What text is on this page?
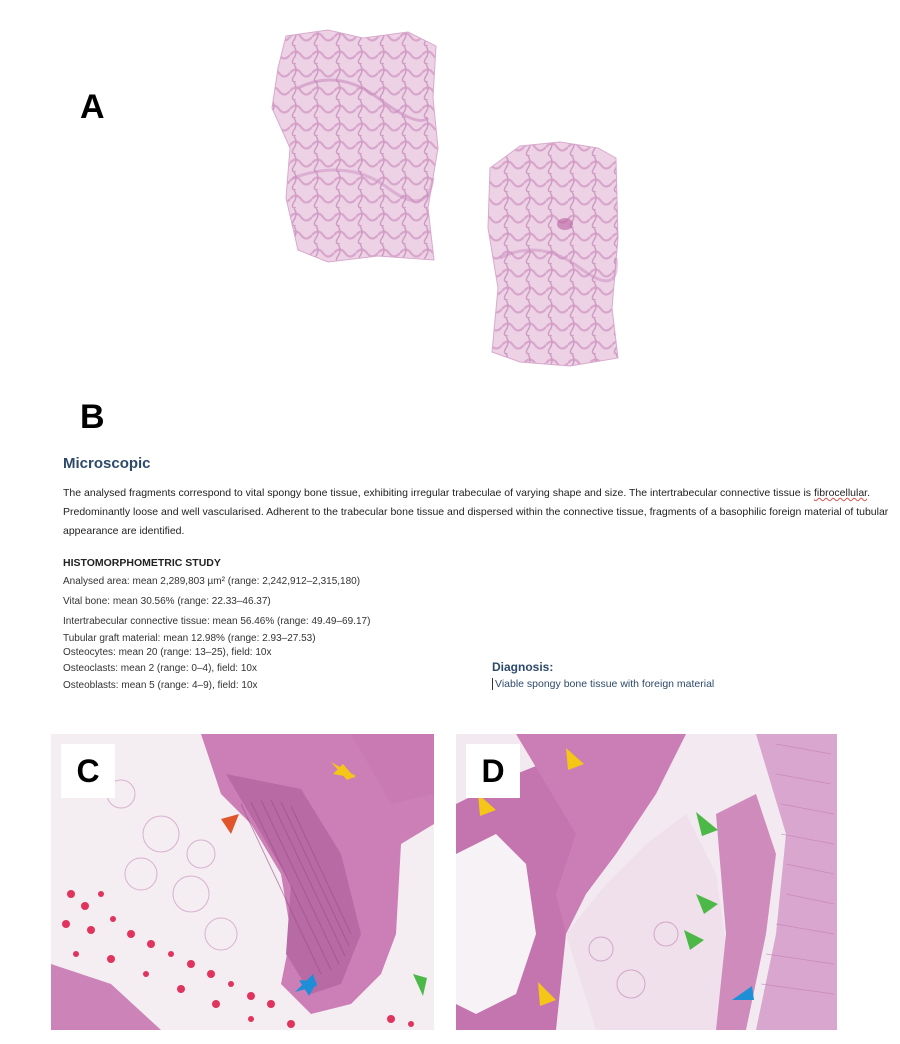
A
B
Microscopic
The analysed fragments correspond to vital spongy bone tissue, exhibiting irregular trabeculae of varying shape and size. The intertrabecular connective tissue is fibrocellular. Predominantly loose and well vascularised. Adherent to the trabecular bone tissue and dispersed within the connective tissue, fragments of a basophilic foreign material of tubular appearance are identified.
HISTOMORPHOMETRIC STUDY
Analysed area: mean 2,289,803 µm² (range: 2,242,912–2,315,180)
Vital bone: mean 30.56% (range: 22.33–46.37)
Intertrabecular connective tissue: mean 56.46% (range: 49.49–69.17)
Tubular graft material: mean 12.98% (range: 2.93–27.53)
Osteocytes: mean 20 (range: 13–25), field: 10x
Osteoclasts: mean 2 (range: 0–4), field: 10x
Osteoblasts: mean 5 (range: 4–9), field: 10x
Diagnosis:
Viable spongy bone tissue with foreign material
C	D
